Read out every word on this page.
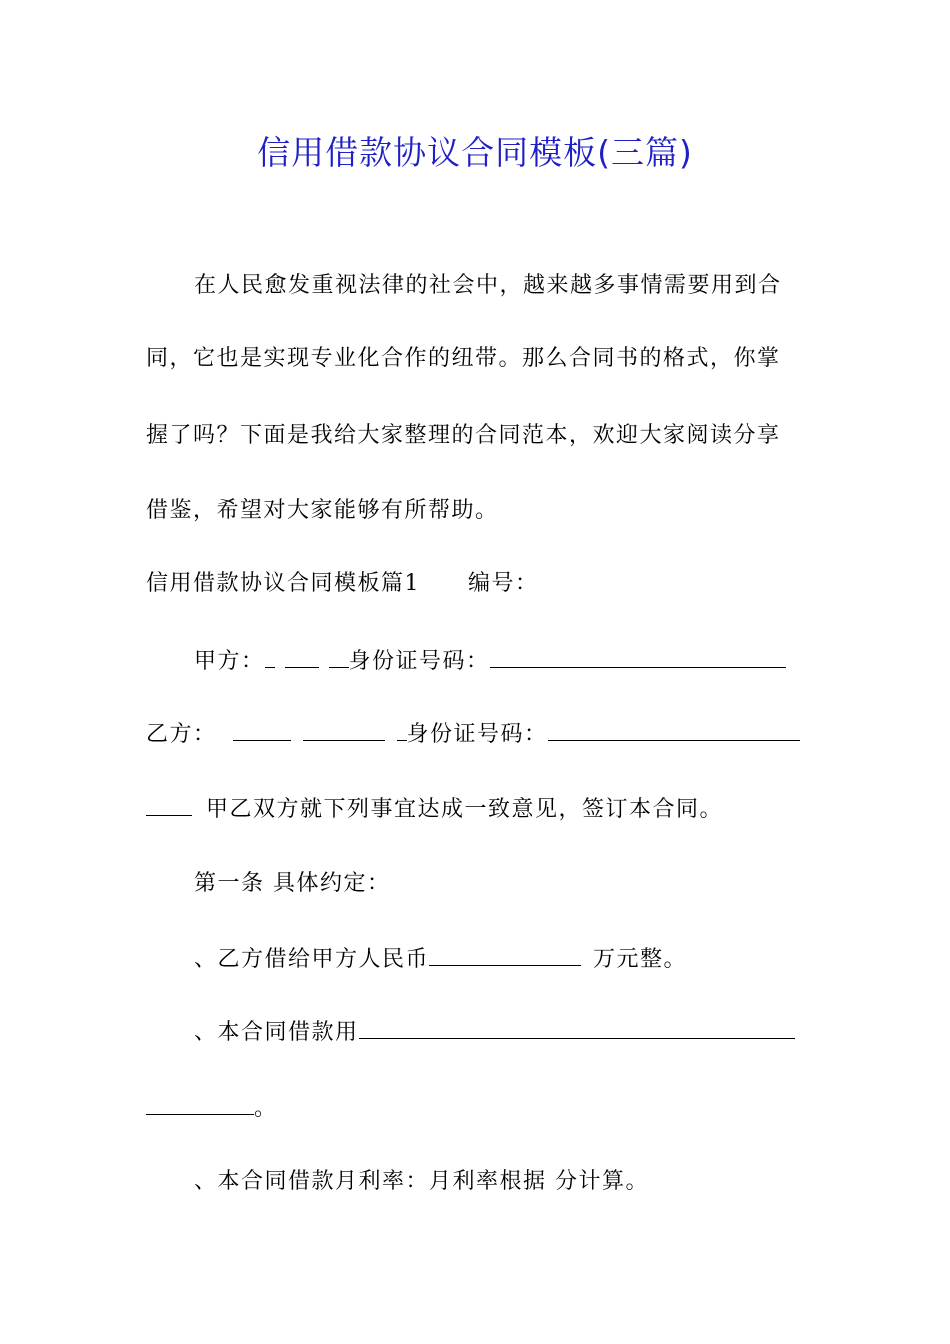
信用借款协议合同模板(三篇)
在人民愈发重视法律的社会中，越来越多事情需要用到合
同，它也是实现专业化合作的纽带。那么合同书的格式，你掌
握了吗？下面是我给大家整理的合同范本，欢迎大家阅读分享
借鉴，希望对大家能够有所帮助。
信用借款协议合同模板篇1 编号：
甲方：	身份证号码：
乙方：	身份证号码：
甲乙双方就下列事宜达成一致意见，签订本合同。
第一条 具体约定：
、乙方借给甲方人民币	万元整。
、本合同借款用
。
、本合同借款月利率：月利率根据 分计算。
